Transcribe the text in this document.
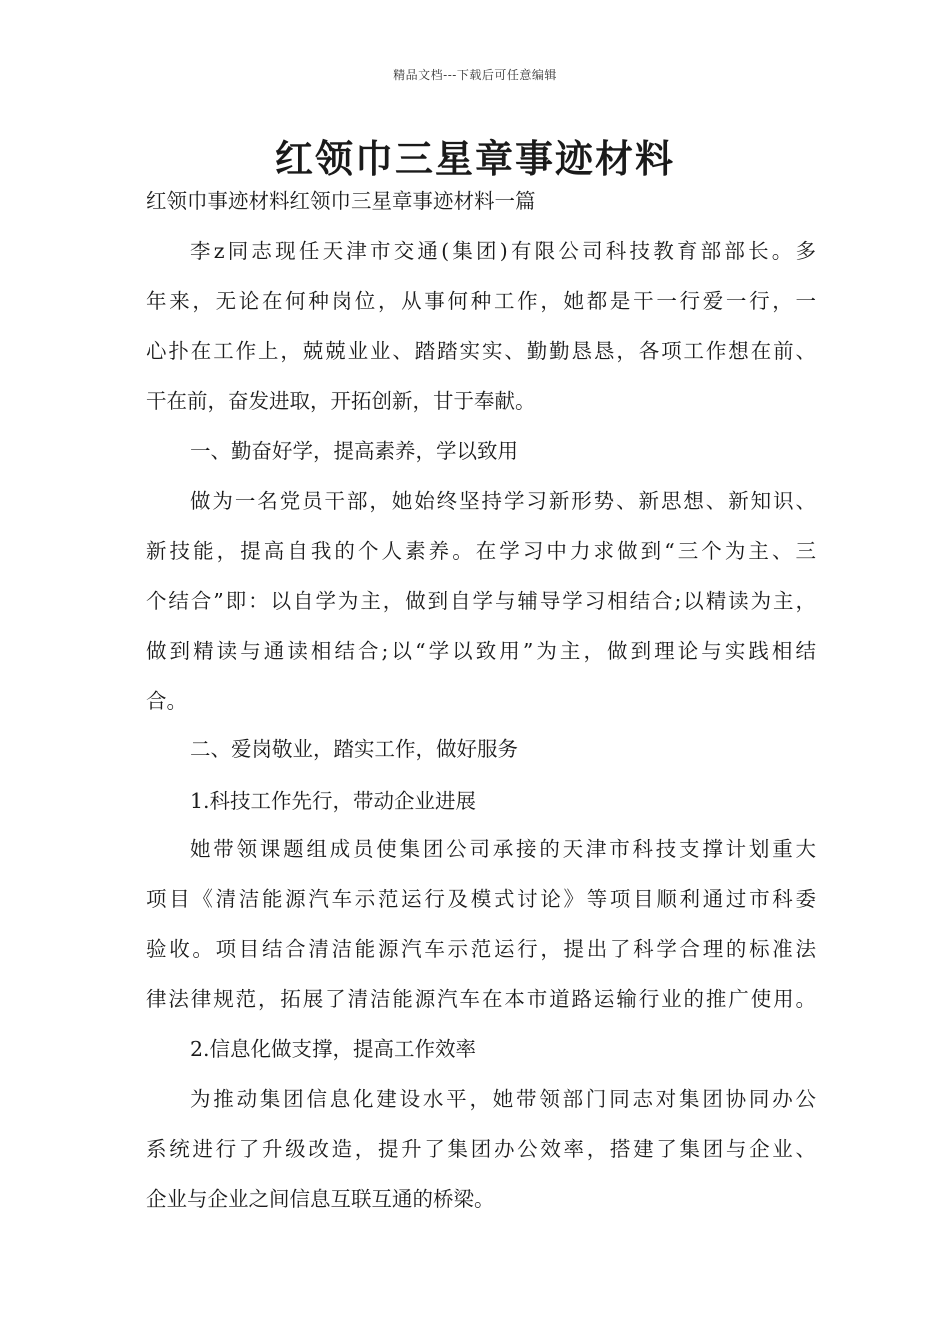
精品文档---下载后可任意编辑
红领巾三星章事迹材料
红领巾事迹材料红领巾三星章事迹材料一篇
李z同志现任天津市交通(集团)有限公司科技教育部部长。多
年来，无论在何种岗位，从事何种工作，她都是干一行爱一行，一
心扑在工作上，兢兢业业、踏踏实实、勤勤恳恳，各项工作想在前、
干在前，奋发进取，开拓创新，甘于奉献。
一、勤奋好学，提高素养，学以致用
做为一名党员干部，她始终坚持学习新形势、新思想、新知识、
新技能，提高自我的个人素养。在学习中力求做到“三个为主、三
个结合”即：以自学为主，做到自学与辅导学习相结合;以精读为主，
做到精读与通读相结合;以“学以致用”为主，做到理论与实践相结
合。
二、爱岗敬业，踏实工作，做好服务
1.科技工作先行，带动企业进展
她带领课题组成员使集团公司承接的天津市科技支撑计划重大
项目《清洁能源汽车示范运行及模式讨论》等项目顺利通过市科委
验收。项目结合清洁能源汽车示范运行，提出了科学合理的标准法
律法律规范，拓展了清洁能源汽车在本市道路运输行业的推广使用。
2.信息化做支撑，提高工作效率
为推动集团信息化建设水平，她带领部门同志对集团协同办公
系统进行了升级改造，提升了集团办公效率，搭建了集团与企业、
企业与企业之间信息互联互通的桥梁。
